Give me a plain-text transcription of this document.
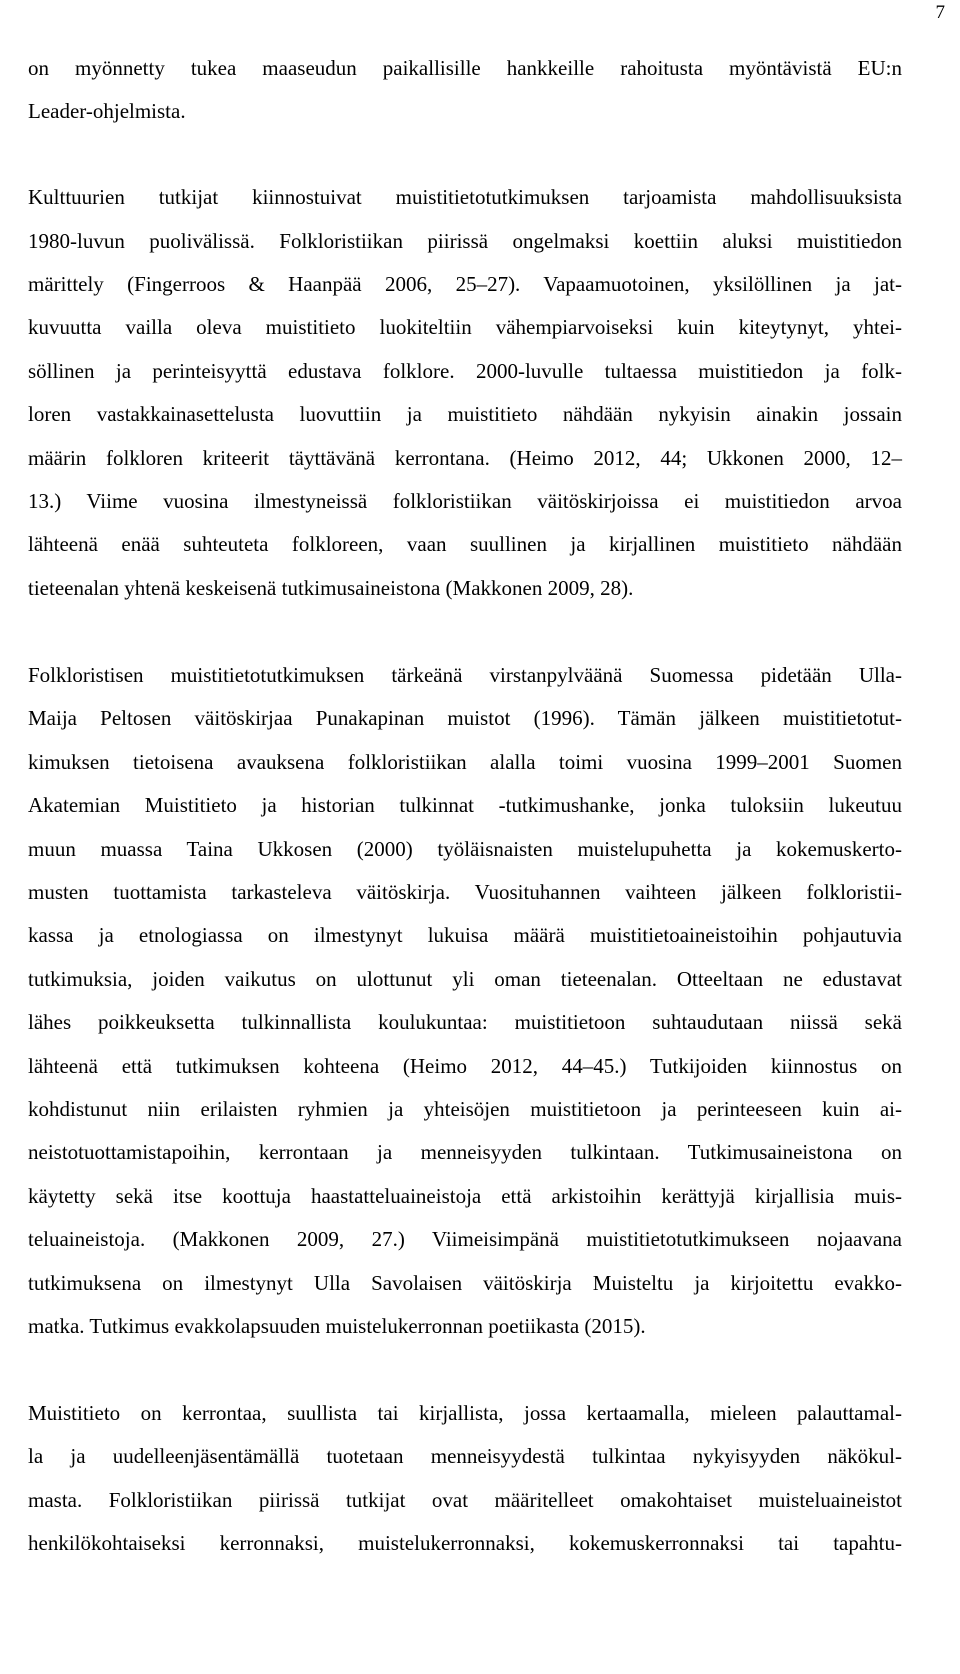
7
on myönnetty tukea maaseudun paikallisille hankkeille rahoitusta myöntävistä EU:n
Leader-ohjelmista.
Kulttuurien tutkijat kiinnostuivat muistitietotutkimuksen tarjoamista mahdollisuuksista
1980-luvun puolivälissä. Folkloristiikan piirissä ongelmaksi koettiin aluksi muistitiedon
märittely (Fingerroos & Haanpää 2006, 25‒27). Vapaamuotoinen, yksilöllinen ja jat-
kuvuutta vailla oleva muistitieto luokiteltiin vähempiarvoiseksi kuin kiteytynyt, yhtei-
söllinen ja perinteisyyttä edustava folklore. 2000-luvulle tultaessa muistitiedon ja folk-
loren vastakkainasettelusta luovuttiin ja muistitieto nähdään nykyisin ainakin jossain
määrin folkloren kriteerit täyttävänä kerrontana. (Heimo 2012, 44; Ukkonen 2000, 12‒
13.) Viime vuosina ilmestyneissä folkloristiikan väitöskirjoissa ei muistitiedon arvoa
lähteenä enää suhteuteta folkloreen, vaan suullinen ja kirjallinen muistitieto nähdään
tieteenalan yhtenä keskeisenä tutkimusaineistona (Makkonen 2009, 28).
Folkloristisen muistitietotutkimuksen tärkeänä virstanpylväänä Suomessa pidetään Ulla-
Maija Peltosen väitöskirjaa Punakapinan muistot (1996). Tämän jälkeen muistitietotut-
kimuksen tietoisena avauksena folkloristiikan alalla toimi vuosina 1999‒2001 Suomen
Akatemian Muistitieto ja historian tulkinnat -tutkimushanke, jonka tuloksiin lukeutuu
muun muassa Taina Ukkosen (2000) työläisnaisten muistelupuhetta ja kokemuskerto-
musten tuottamista tarkasteleva väitöskirja. Vuosituhannen vaihteen jälkeen folkloristii-
kassa ja etnologiassa on ilmestynyt lukuisa määrä muistitietoaineistoihin pohjautuvia
tutkimuksia, joiden vaikutus on ulottunut yli oman tieteenalan. Otteeltaan ne edustavat
lähes poikkeuksetta tulkinnallista koulukuntaa: muistitietoon suhtaudutaan niissä sekä
lähteenä että tutkimuksen kohteena (Heimo 2012, 44‒45.) Tutkijoiden kiinnostus on
kohdistunut niin erilaisten ryhmien ja yhteisöjen muistitietoon ja perinteeseen kuin ai-
neistotuottamistapoihin, kerrontaan ja menneisyyden tulkintaan. Tutkimusaineistona on
käytetty sekä itse koottuja haastatteluaineistoja että arkistoihin kerättyjä kirjallisia muis-
teluaineistoja. (Makkonen 2009, 27.) Viimeisimpänä muistitietotutkimukseen nojaavana
tutkimuksena on ilmestynyt Ulla Savolaisen väitöskirja Muisteltu ja kirjoitettu evakko-
matka. Tutkimus evakkolapsuuden muistelukerronnan poetiikasta (2015).
Muistitieto on kerrontaa, suullista tai kirjallista, jossa kertaamalla, mieleen palauttamal-
la ja uudelleenjäsentämällä tuotetaan menneisyydestä tulkintaa nykyisyyden näkökul-
masta. Folkloristiikan piirissä tutkijat ovat määritelleet omakohtaiset muisteluaineistot
henkilökohtaiseksi kerronnaksi, muistelukerronnaksi, kokemuskerronnaksi tai tapahtu-
